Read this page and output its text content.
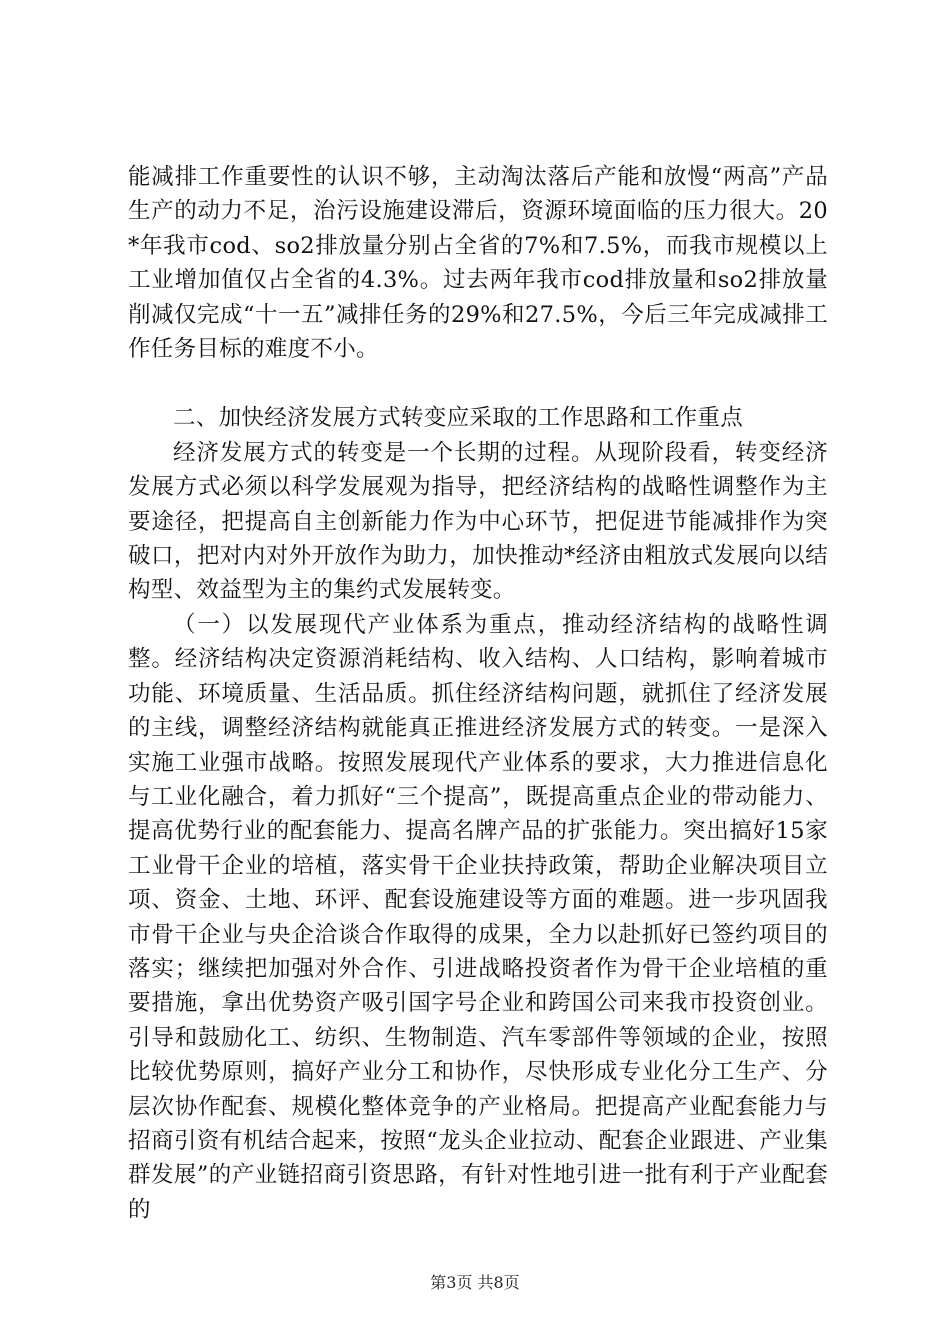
能减排工作重要性的认识不够，主动淘汰落后产能和放慢“两高”产品生产的动力不足，治污设施建设滞后，资源环境面临的压力很大。20*年我市cod、so2排放量分别占全省的7%和7.5%，而我市规模以上工业增加值仅占全省的4.3%。过去两年我市cod排放量和so2排放量削减仅完成“十一五”减排任务的29%和27.5%，今后三年完成减排工作任务目标的难度不小。

二、加快经济发展方式转变应采取的工作思路和工作重点

经济发展方式的转变是一个长期的过程。从现阶段看，转变经济发展方式必须以科学发展观为指导，把经济结构的战略性调整作为主要途径，把提高自主创新能力作为中心环节，把促进节能减排作为突破口，把对内对外开放作为助力，加快推动*经济由粗放式发展向以结构型、效益型为主的集约式发展转变。

（一）以发展现代产业体系为重点，推动经济结构的战略性调整。经济结构决定资源消耗结构、收入结构、人口结构，影响着城市功能、环境质量、生活品质。抓住经济结构问题，就抓住了经济发展的主线，调整经济结构就能真正推进经济发展方式的转变。一是深入实施工业强市战略。按照发展现代产业体系的要求，大力推进信息化与工业化融合，着力抓好“三个提高”，既提高重点企业的带动能力、提高优势行业的配套能力、提高名牌产品的扩张能力。突出搞好15家工业骨干企业的培植，落实骨干企业扶持政策，帮助企业解决项目立项、资金、土地、环评、配套设施建设等方面的难题。进一步巩固我市骨干企业与央企洽谈合作取得的成果，全力以赴抓好已签约项目的落实；继续把加强对外合作、引进战略投资者作为骨干企业培植的重要措施，拿出优势资产吸引国字号企业和跨国公司来我市投资创业。引导和鼓励化工、纺织、生物制造、汽车零部件等领域的企业，按照比较优势原则，搞好产业分工和协作，尽快形成专业化分工生产、分层次协作配套、规模化整体竞争的产业格局。把提高产业配套能力与招商引资有机结合起来，按照“龙头企业拉动、配套企业跟进、产业集群发展”的产业链招商引资思路，有针对性地引进一批有利于产业配套的

第3页 共8页
